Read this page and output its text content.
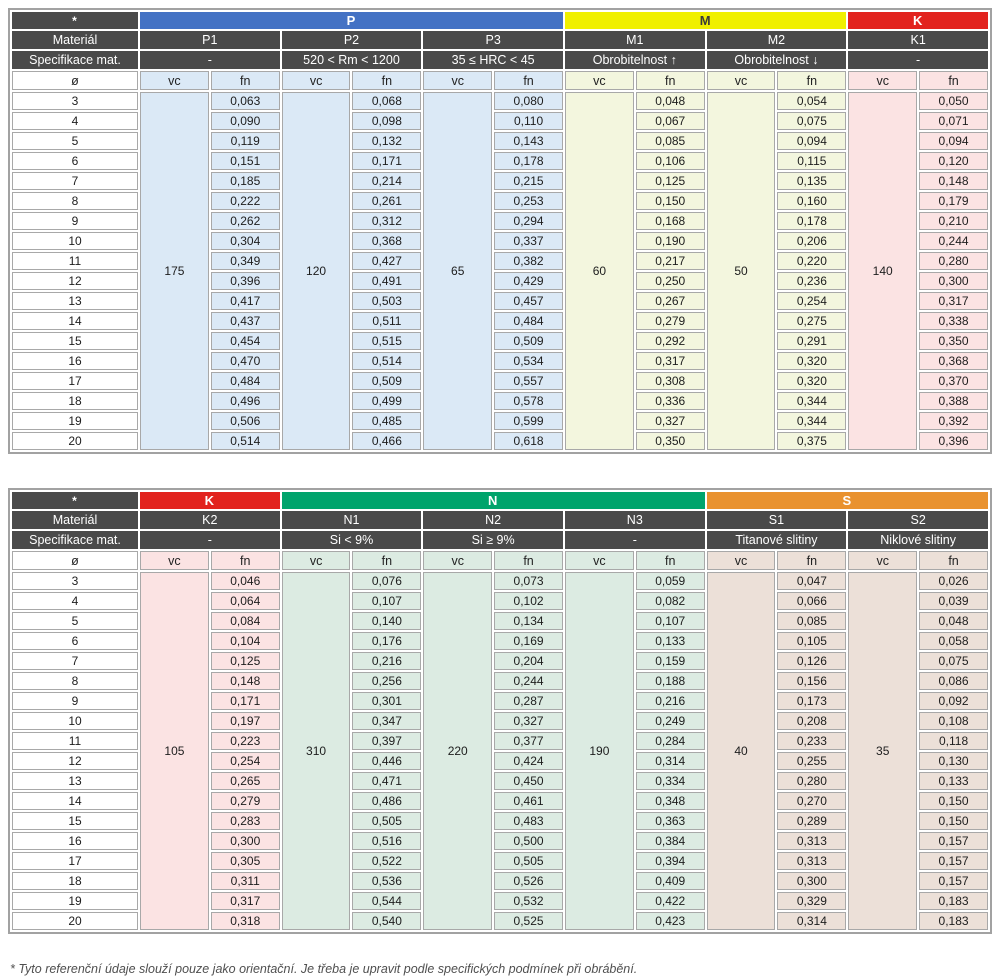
*	P						M				K	
Materiál	P1		P2		P3		M1		M2		K1	
Specifikace mat.	-		520 < Rm < 1200		35 ≤ HRC < 45		Obrobitelnost ↑		Obrobitelnost ↓		-	
ø	vc	fn	vc	fn	vc	fn	vc	fn	vc	fn	vc	fn
3	175	0,063	120	0,068	65	0,080	60	0,048	50	0,054	140	0,050
4		0,090		0,098		0,110		0,067		0,075		0,071
5		0,119		0,132		0,143		0,085		0,094		0,094
6		0,151		0,171		0,178		0,106		0,115		0,120
7		0,185		0,214		0,215		0,125		0,135		0,148
8		0,222		0,261		0,253		0,150		0,160		0,179
9		0,262		0,312		0,294		0,168		0,178		0,210
10		0,304		0,368		0,337		0,190		0,206		0,244
11		0,349		0,427		0,382		0,217		0,220		0,280
12		0,396		0,491		0,429		0,250		0,236		0,300
13		0,417		0,503		0,457		0,267		0,254		0,317
14		0,437		0,511		0,484		0,279		0,275		0,338
15		0,454		0,515		0,509		0,292		0,291		0,350
16		0,470		0,514		0,534		0,317		0,320		0,368
17		0,484		0,509		0,557		0,308		0,320		0,370
18		0,496		0,499		0,578		0,336		0,344		0,388
19		0,506		0,485		0,599		0,327		0,344		0,392
20		0,514		0,466		0,618		0,350		0,375		0,396
*	K		N						S			
Materiál	K2		N1		N2		N3		S1		S2	
Specifikace mat.	-		Si < 9%		Si ≥ 9%		-		Titanové slitiny		Niklové slitiny	
ø	vc	fn	vc	fn	vc	fn	vc	fn	vc	fn	vc	fn
3	105	0,046	310	0,076	220	0,073	190	0,059	40	0,047	35	0,026
4		0,064		0,107		0,102		0,082		0,066		0,039
5		0,084		0,140		0,134		0,107		0,085		0,048
6		0,104		0,176		0,169		0,133		0,105		0,058
7		0,125		0,216		0,204		0,159		0,126		0,075
8		0,148		0,256		0,244		0,188		0,156		0,086
9		0,171		0,301		0,287		0,216		0,173		0,092
10		0,197		0,347		0,327		0,249		0,208		0,108
11		0,223		0,397		0,377		0,284		0,233		0,118
12		0,254		0,446		0,424		0,314		0,255		0,130
13		0,265		0,471		0,450		0,334		0,280		0,133
14		0,279		0,486		0,461		0,348		0,270		0,150
15		0,283		0,505		0,483		0,363		0,289		0,150
16		0,300		0,516		0,500		0,384		0,313		0,157
17		0,305		0,522		0,505		0,394		0,313		0,157
18		0,311		0,536		0,526		0,409		0,300		0,157
19		0,317		0,544		0,532		0,422		0,329		0,183
20		0,318		0,540		0,525		0,423		0,314		0,183

* Tyto referenční údaje slouží pouze jako orientační. Je třeba je upravit podle specifických podmínek při obrábění.
